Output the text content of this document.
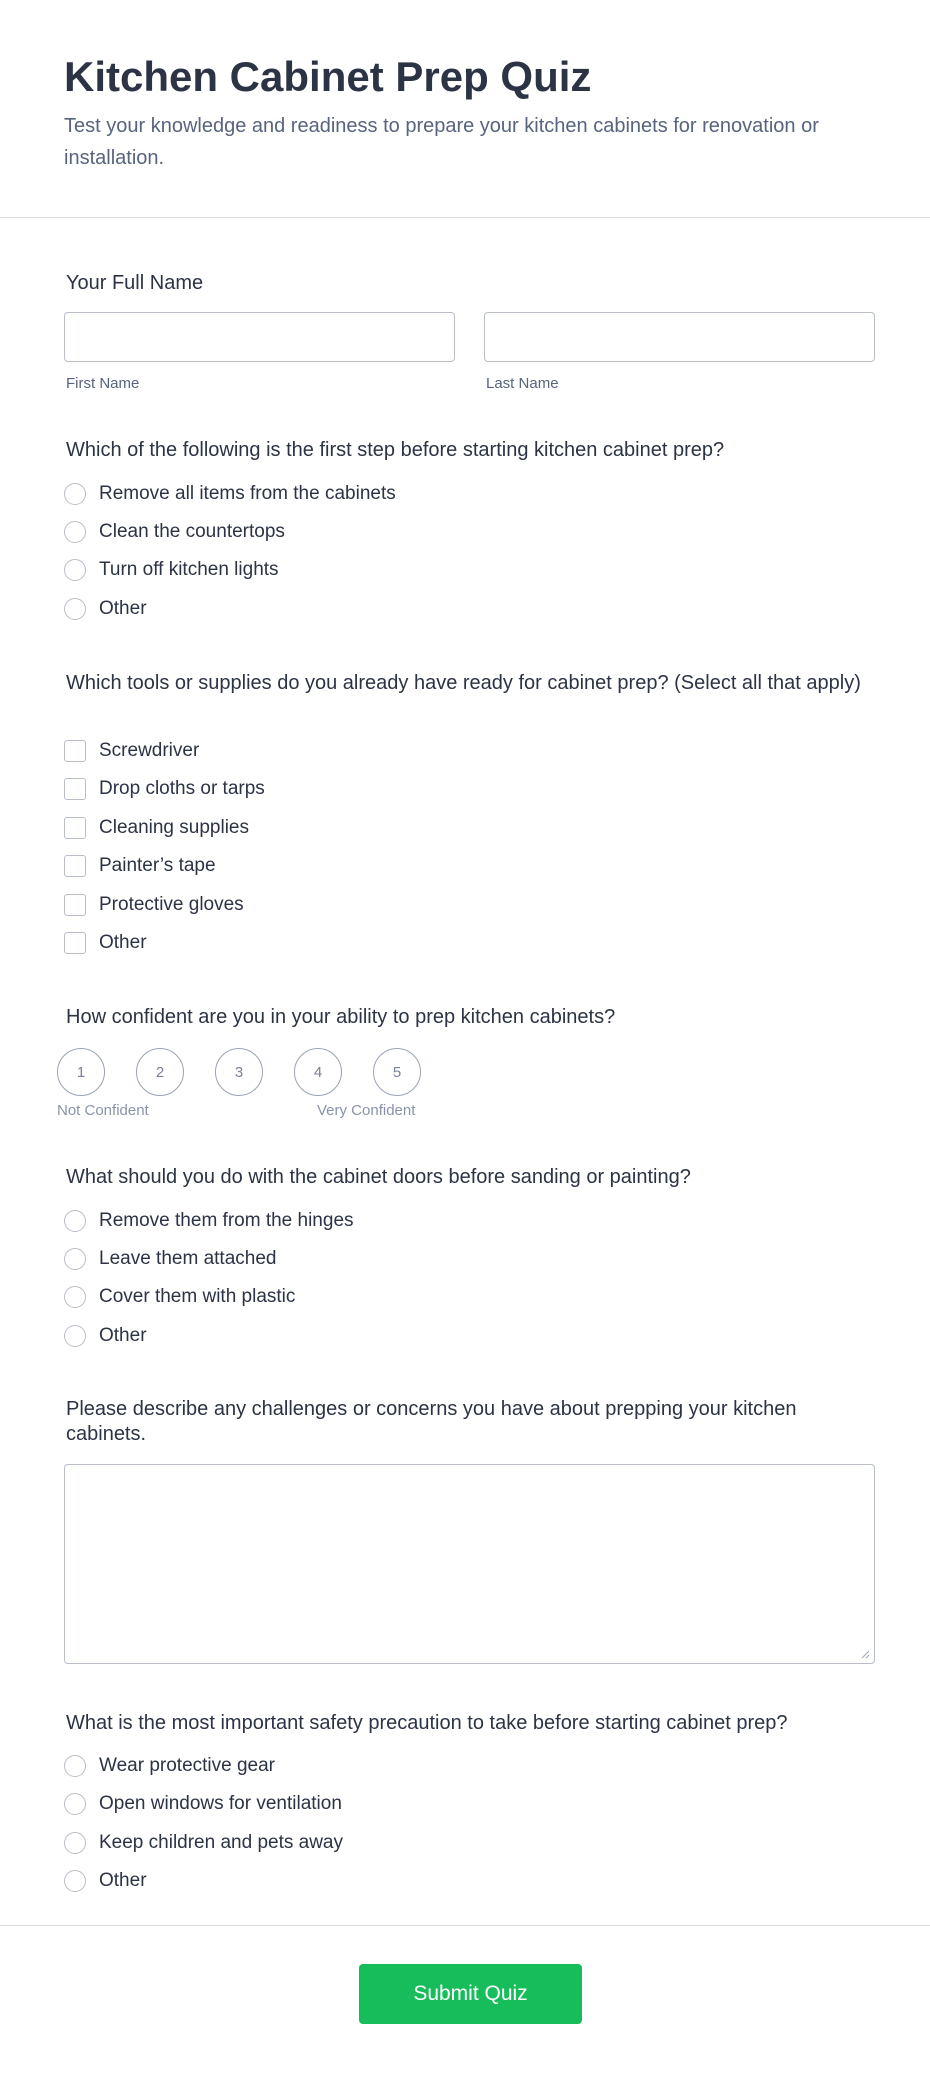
Kitchen Cabinet Prep Quiz
Test your knowledge and readiness to prepare your kitchen cabinets for renovation or installation.
Your Full Name
First Name	Last Name
Which of the following is the first step before starting kitchen cabinet prep?
Remove all items from the cabinets
Clean the countertops
Turn off kitchen lights
Other
Which tools or supplies do you already have ready for cabinet prep? (Select all that apply)
Screwdriver
Drop cloths or tarps
Cleaning supplies
Painter’s tape
Protective gloves
Other
How confident are you in your ability to prep kitchen cabinets?
1	2	3	4	5
Not Confident	Very Confident
What should you do with the cabinet doors before sanding or painting?
Remove them from the hinges
Leave them attached
Cover them with plastic
Other
Please describe any challenges or concerns you have about prepping your kitchen cabinets.
What is the most important safety precaution to take before starting cabinet prep?
Wear protective gear
Open windows for ventilation
Keep children and pets away
Other
Submit Quiz
